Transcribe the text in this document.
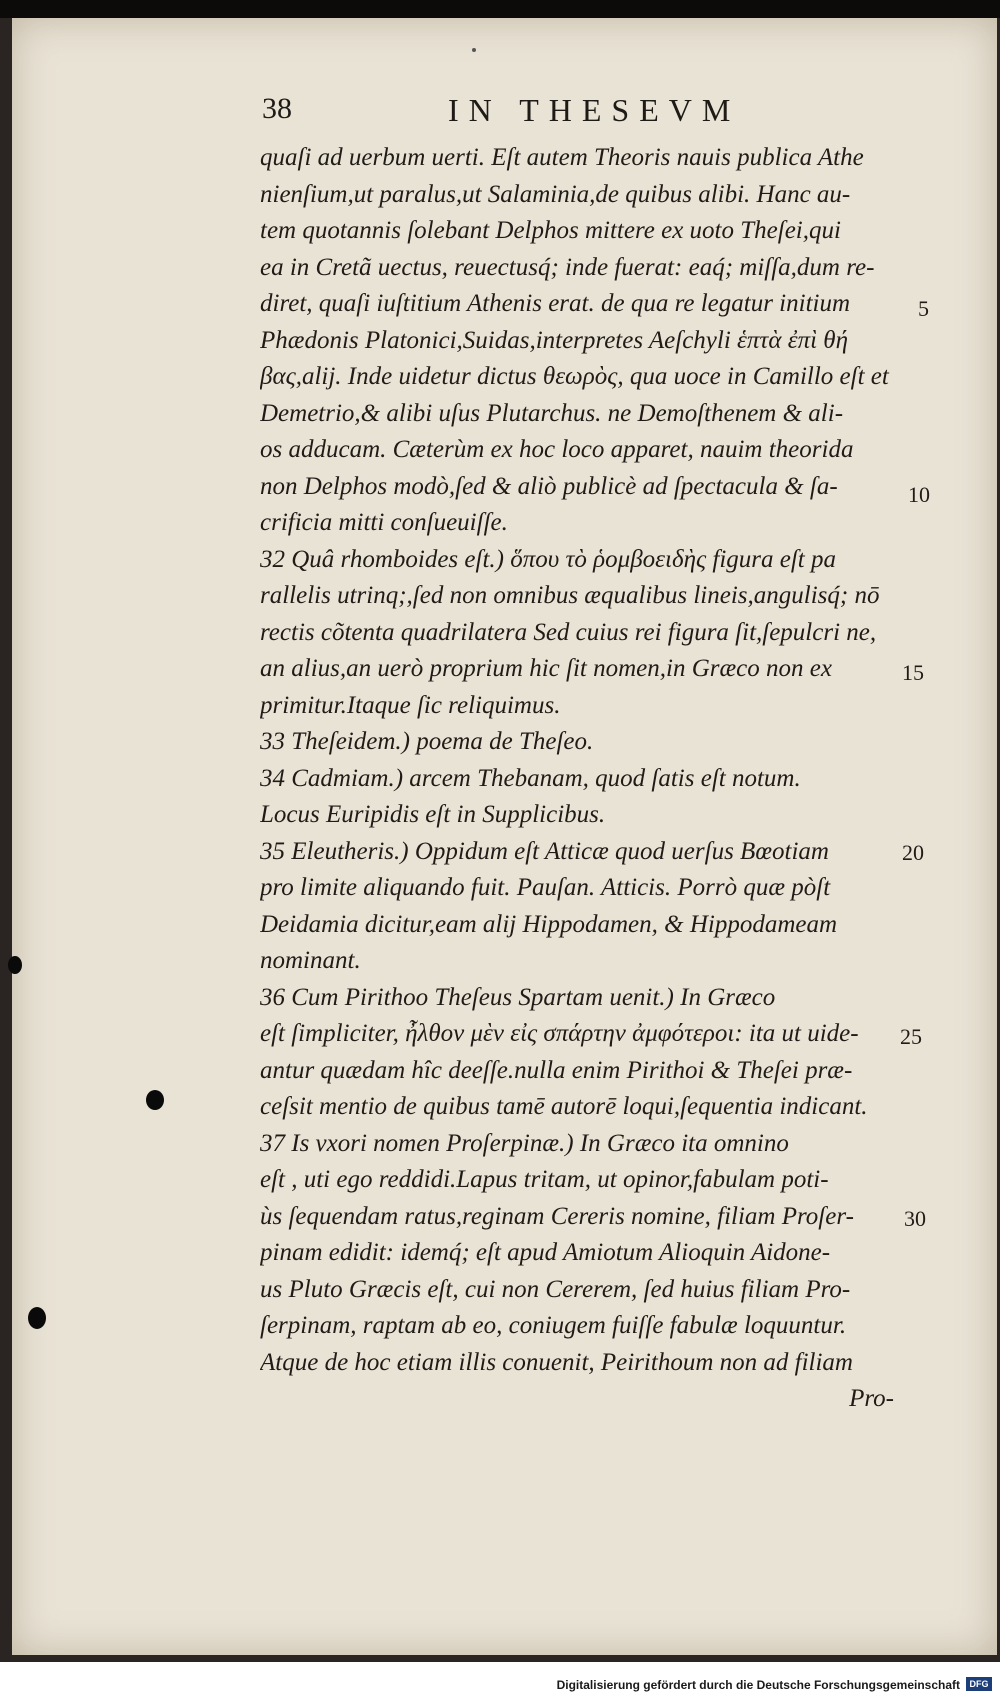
38	IN THESEVM
quaſi ad uerbum uerti. Eſt autem Theoris nauis publica Athe
nienſium,ut paralus,ut Salaminia,de quibus alibi. Hanc au-
tem quotannis ſolebant Delphos mittere ex uoto Theſei,qui
ea in Cretã uectus, reuectusq́; inde fuerat: eaq́; miſſa,dum re-
diret, quaſi iuſtitium Athenis erat. de qua re legatur initium
Phædonis Platonici,Suidas,interpretes Aeſchyli ἑπτὰ ἐπὶ θή
βας,alij. Inde uidetur dictus θεωρὸς, qua uoce in Camillo eſt et
Demetrio,& alibi uſus Plutarchus. ne Demoſthenem & ali-
os adducam. Cæterùm ex hoc loco apparet, nauim theorida
non Delphos modò,ſed & aliò publicè ad ſpectacula & ſa-
crificia mitti conſueuiſſe.
32 Quâ rhomboides eſt.) ὅπου τὸ ῥομβοειδὴς figura eſt pa
rallelis utrinq;,ſed non omnibus æqualibus lineis,angulisq́; nō
rectis cõtenta quadrilatera Sed cuius rei figura ſit,ſepulcri ne,
an alius,an uerò proprium hic ſit nomen,in Græco non ex
primitur.Itaque ſic reliquimus.
33 Theſeidem.) poema de Theſeo.
34 Cadmiam.) arcem Thebanam, quod ſatis eſt notum.
Locus Euripidis eſt in Supplicibus.
35 Eleutheris.) Oppidum eſt Atticæ quod uerſus Bœotiam
pro limite aliquando fuit. Pauſan. Atticis. Porrò quæ pòſt
Deidamia dicitur,eam alij Hippodamen, & Hippodameam
nominant.
36 Cum Pirithoo Theſeus Spartam uenit.) In Græco
eſt ſimpliciter, ἦλθον μὲν εἰς σπάρτην ἀμφότεροι: ita ut uide-
antur quædam hîc deeſſe.nulla enim Pirithoi & Theſei præ-
ceſsit mentio de quibus tamē autorē loqui,ſequentia indicant.
37 Is vxori nomen Proſerpinæ.) In Græco ita omnino
eſt , uti ego reddidi.Lapus tritam, ut opinor,fabulam poti-
ùs ſequendam ratus,reginam Cereris nomine, filiam Proſer-
pinam edidit: idemq́; eſt apud Amiotum Alioquin Aidone-
us Pluto Græcis eſt, cui non Cererem, ſed huius filiam Pro-
ſerpinam, raptam ab eo, coniugem fuiſſe fabulæ loquuntur.
Atque de hoc etiam illis conuenit, Peirithoum non ad filiam
Pro-
5
10
15
20
25
30
Digitalisierung gefördert durch die Deutsche Forschungsgemeinschaft	DFG
